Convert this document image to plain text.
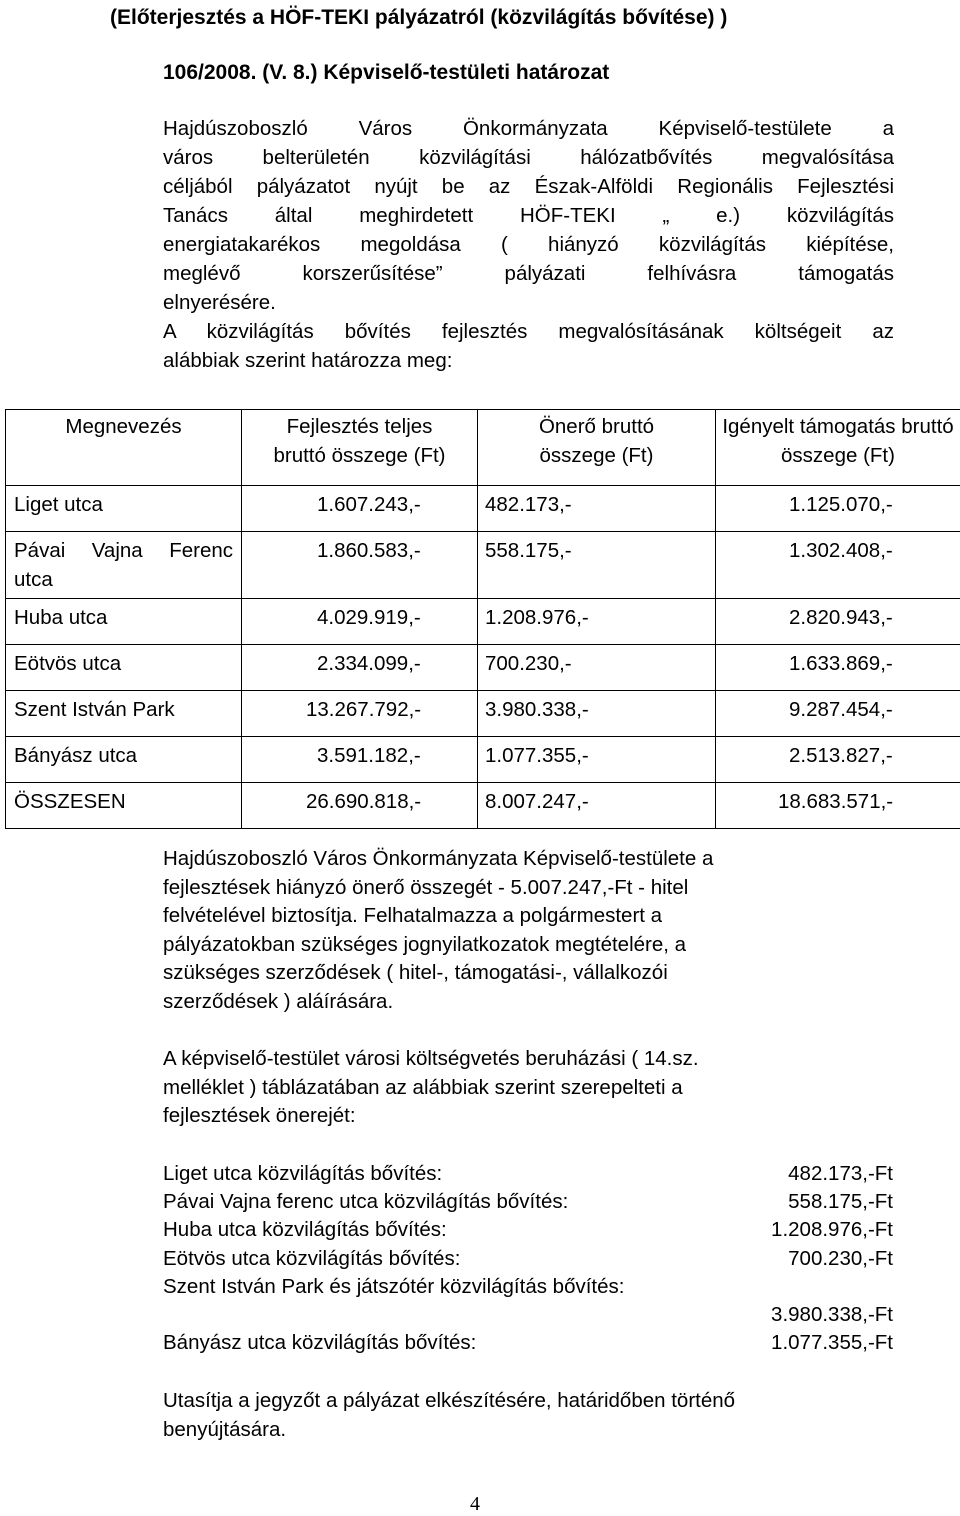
(Előterjesztés a HÖF-TEKI pályázatról (közvilágítás bővítése) )
106/2008. (V. 8.) Képviselő-testületi határozat
Hajdúszoboszló Város Önkormányzata Képviselő-testülete a
város belterületén közvilágítási hálózatbővítés megvalósítása
céljából pályázatot nyújt be az Észak-Alföldi Regionális Fejlesztési
Tanács által meghirdetett HÖF-TEKI „ e.) közvilágítás
energiatakarékos megoldása ( hiányzó közvilágítás kiépítése,
meglévő korszerűsítése” pályázati felhívásra támogatás
elnyerésére.
A közvilágítás bővítés fejlesztés megvalósításának költségeit az
alábbiak szerint határozza meg:
Megnevezés	Fejlesztés teljes bruttó összege (Ft)	Önerő bruttó összege (Ft)	Igényelt támogatás bruttó összege (Ft)
Liget utca	1.607.243,-	482.173,-	1.125.070,-
Pávai Vajna Ferenc utca	1.860.583,-	558.175,-	1.302.408,-
Huba utca	4.029.919,-	1.208.976,-	2.820.943,-
Eötvös utca	2.334.099,-	700.230,-	1.633.869,-
Szent István Park	13.267.792,-	3.980.338,-	9.287.454,-
Bányász utca	3.591.182,-	1.077.355,-	2.513.827,-
ÖSSZESEN	26.690.818,-	8.007.247,-	18.683.571,-
Hajdúszoboszló Város Önkormányzata Képviselő-testülete a
fejlesztések hiányzó önerő összegét - 5.007.247,-Ft - hitel
felvételével biztosítja. Felhatalmazza a polgármestert a
pályázatokban szükséges jognyilatkozatok megtételére, a
szükséges szerződések ( hitel-, támogatási-, vállalkozói
szerződések ) aláírására.
A képviselő-testület városi költségvetés beruházási ( 14.sz.
melléklet ) táblázatában az alábbiak szerint szerepelteti a
fejlesztések önerejét:
Liget utca közvilágítás bővítés:	482.173,-Ft
Pávai Vajna ferenc utca közvilágítás bővítés:	558.175,-Ft
Huba utca közvilágítás bővítés:	1.208.976,-Ft
Eötvös utca közvilágítás bővítés:	700.230,-Ft
Szent István Park és játszótér közvilágítás bővítés:
3.980.338,-Ft
Bányász utca közvilágítás bővítés:	1.077.355,-Ft
Utasítja a jegyzőt a pályázat elkészítésére, határidőben történő
benyújtására.
4
